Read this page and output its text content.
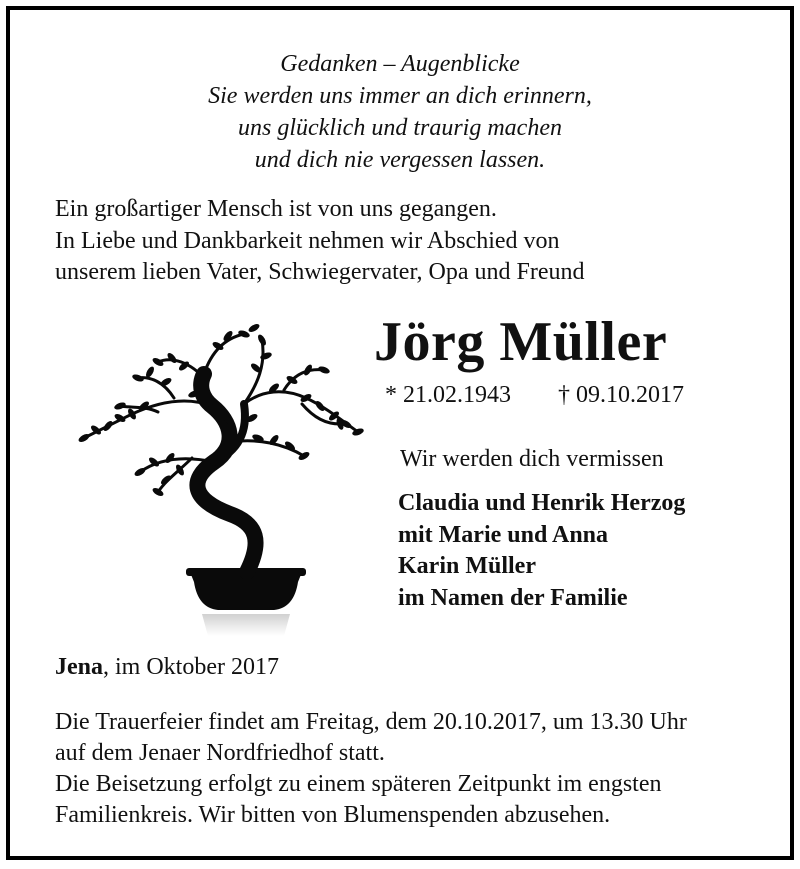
Gedanken – Augenblicke
Sie werden uns immer an dich erinnern,
uns glücklich und traurig machen
und dich nie vergessen lassen.
Ein großartiger Mensch ist von uns gegangen.
In Liebe und Dankbarkeit nehmen wir Abschied von
unserem lieben Vater, Schwiegervater, Opa und Freund
Jörg Müller
* 21.02.1943 † 09.10.2017
Wir werden dich vermissen
Claudia und Henrik Herzog
mit Marie und Anna
Karin Müller
im Namen der Familie
Jena, im Oktober 2017
Die Trauerfeier findet am Freitag, dem 20.10.2017, um 13.30 Uhr
auf dem Jenaer Nordfriedhof statt.
Die Beisetzung erfolgt zu einem späteren Zeitpunkt im engsten
Familienkreis. Wir bitten von Blumenspenden abzusehen.
